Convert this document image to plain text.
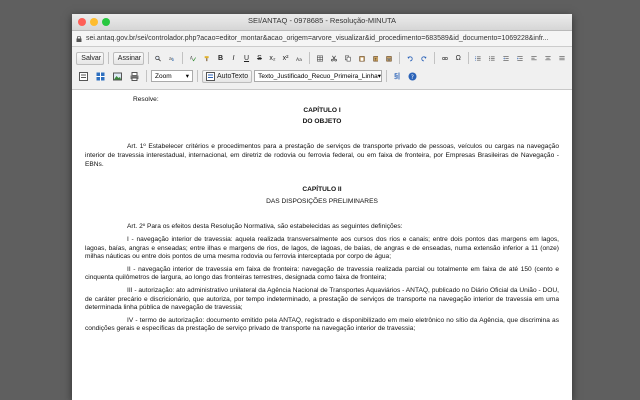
SEI/ANTAQ - 0978685 - Resolução-MINUTA
sei.antaq.gov.br/sei/controlador.php?acao=editor_montar&acao_origem=arvore_visualizar&id_procedimento=683589&id_documento=1069228&infr...
Salvar Assinar	a b	A	B	I	U	S	x₂ x²	Aa	T W	Ω
Zoom ▾	AutoTexto Texto_Justificado_Recuo_Primeira_Linha ▾	§|	?

Resolve:

CAPÍTULO I

DO OBJETO

Art. 1º Estabelecer critérios e procedimentos para a prestação de serviços de transporte privado de pessoas, veículos ou cargas na navegação interior de travessia interestadual, internacional, em diretriz de rodovia ou ferrovia federal, ou em faixa de fronteira, por Empresas Brasileiras de Navegação - EBNs.

CAPÍTULO II

DAS DISPOSIÇÕES PRELIMINARES

Art. 2º Para os efeitos desta Resolução Normativa, são estabelecidas as seguintes definições:

I - navegação interior de travessia: aquela realizada transversalmente aos cursos dos rios e canais; entre dois pontos das margens em lagos, lagoas, baías, angras e enseadas; entre ilhas e margens de rios, de lagos, de lagoas, de baías, de angras e de enseadas, numa extensão inferior a 11 (onze) milhas náuticas ou entre dois pontos de uma mesma rodovia ou ferrovia interceptada por corpo de água;

II - navegação interior de travessia em faixa de fronteira: navegação de travessia realizada parcial ou totalmente em faixa de até 150 (cento e cinquenta quilômetros de largura, ao longo das fronteiras terrestres, designada como faixa de fronteira;

III - autorização: ato administrativo unilateral da Agência Nacional de Transportes Aquaviários - ANTAQ, publicado no Diário Oficial da União - DOU, de caráter precário e discricionário, que autoriza, por tempo indeterminado, a prestação de serviços de transporte na navegação interior de travessia em uma determinada linha pública de navegação de travessia;

IV - termo de autorização: documento emitido pela ANTAQ, registrado e disponibilizado em meio eletrônico no sítio da Agência, que discrimina as condições gerais e específicas da prestação de serviço privado de transporte na navegação interior de travessia;
